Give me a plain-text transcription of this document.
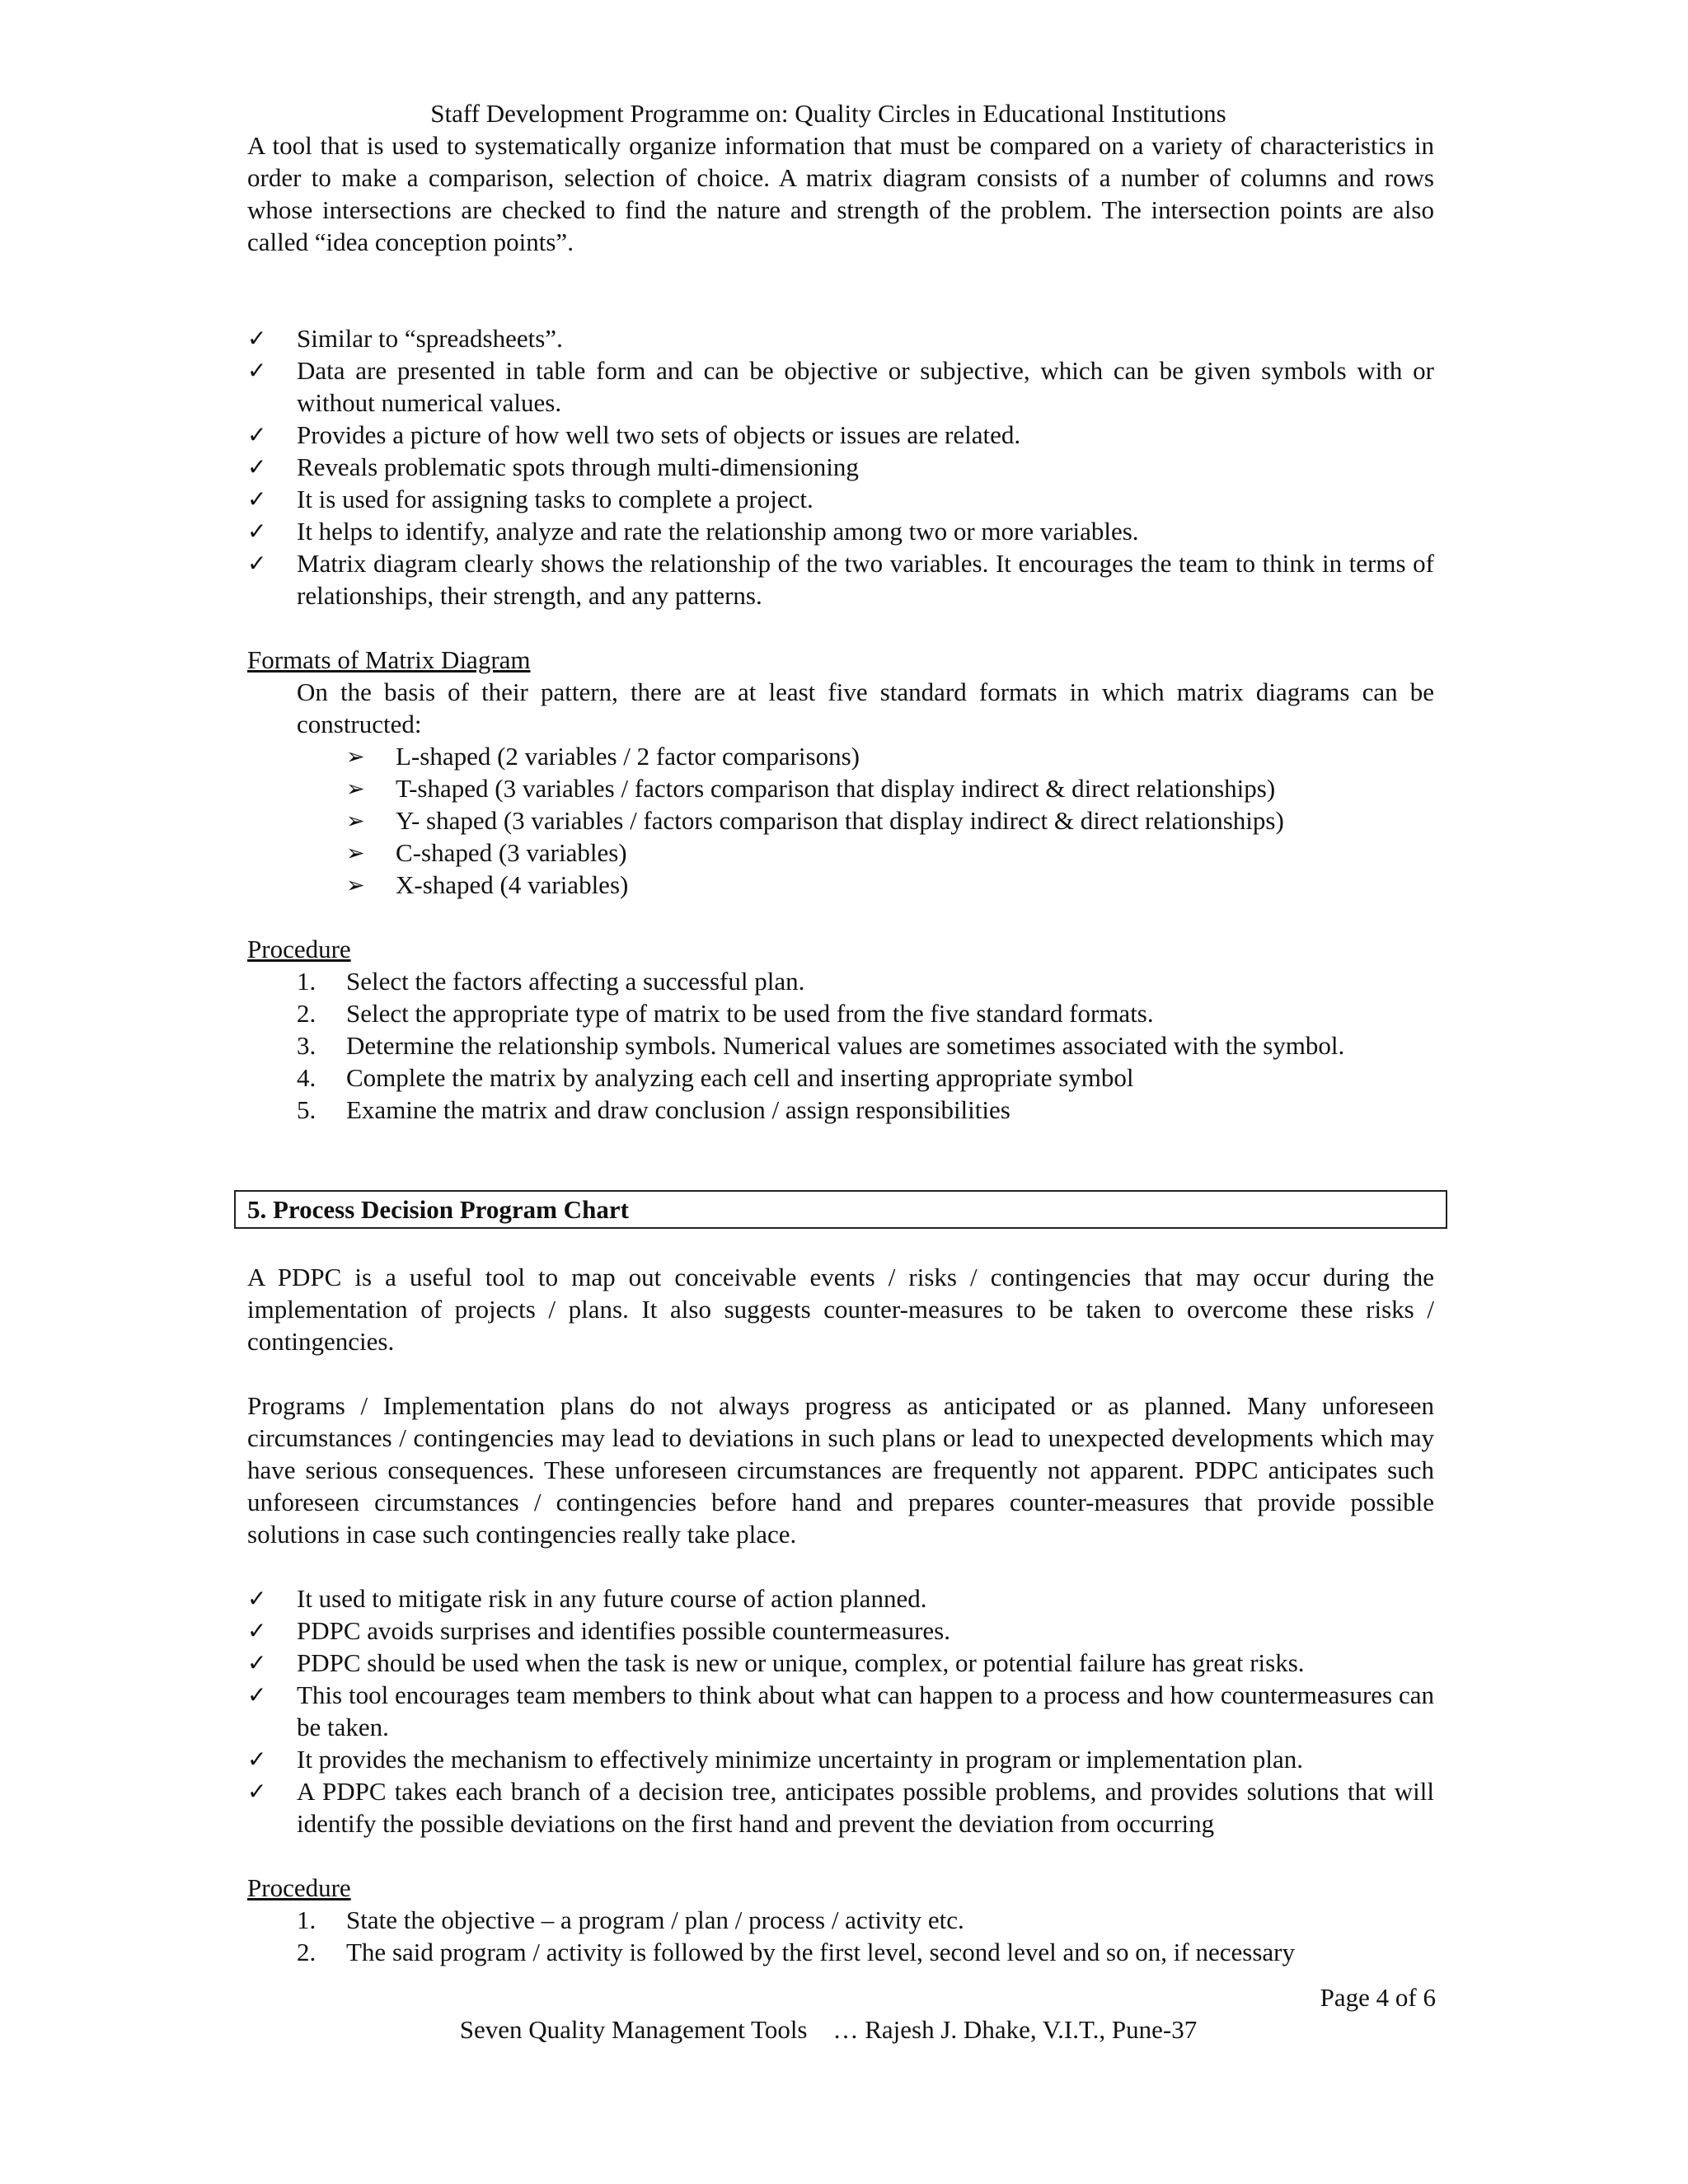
Staff Development Programme on: Quality Circles in Educational Institutions

A tool that is used to systematically organize information that must be compared on a variety of characteristics in order to make a comparison, selection of choice. A matrix diagram consists of a number of columns and rows whose intersections are checked to find the nature and strength of the problem. The intersection points are also called “idea conception points”.

✓ Similar to “spreadsheets”.
✓ Data are presented in table form and can be objective or subjective, which can be given symbols with or without numerical values.
✓ Provides a picture of how well two sets of objects or issues are related.
✓ Reveals problematic spots through multi-dimensioning
✓ It is used for assigning tasks to complete a project.
✓ It helps to identify, analyze and rate the relationship among two or more variables.
✓ Matrix diagram clearly shows the relationship of the two variables. It encourages the team to think in terms of relationships, their strength, and any patterns.
Formats of Matrix Diagram

On the basis of their pattern, there are at least five standard formats in which matrix diagrams can be constructed:

➢ L-shaped (2 variables / 2 factor comparisons)
➢ T-shaped (3 variables / factors comparison that display indirect & direct relationships)
➢ Y- shaped (3 variables / factors comparison that display indirect & direct relationships)
➢ C-shaped (3 variables)
➢ X-shaped (4 variables)
Procedure
1. Select the factors affecting a successful plan.
2. Select the appropriate type of matrix to be used from the five standard formats.
3. Determine the relationship symbols. Numerical values are sometimes associated with the symbol.
4. Complete the matrix by analyzing each cell and inserting appropriate symbol
5. Examine the matrix and draw conclusion / assign responsibilities
5. Process Decision Program Chart

A PDPC is a useful tool to map out conceivable events / risks / contingencies that may occur during the implementation of projects / plans. It also suggests counter-measures to be taken to overcome these risks / contingencies.

Programs / Implementation plans do not always progress as anticipated or as planned. Many unforeseen circumstances / contingencies may lead to deviations in such plans or lead to unexpected developments which may have serious consequences. These unforeseen circumstances are frequently not apparent. PDPC anticipates such unforeseen circumstances / contingencies before hand and prepares counter-measures that provide possible solutions in case such contingencies really take place.

✓ It used to mitigate risk in any future course of action planned.
✓ PDPC avoids surprises and identifies possible countermeasures.
✓ PDPC should be used when the task is new or unique, complex, or potential failure has great risks.
✓ This tool encourages team members to think about what can happen to a process and how countermeasures can be taken.
✓ It provides the mechanism to effectively minimize uncertainty in program or implementation plan.
✓ A PDPC takes each branch of a decision tree, anticipates possible problems, and provides solutions that will identify the possible deviations on the first hand and prevent the deviation from occurring
Procedure
1. State the objective – a program / plan / process / activity etc.
2. The said program / activity is followed by the first level, second level and so on, if necessary
Page 4 of 6
Seven Quality Management Tools    … Rajesh J. Dhake, V.I.T., Pune-37
